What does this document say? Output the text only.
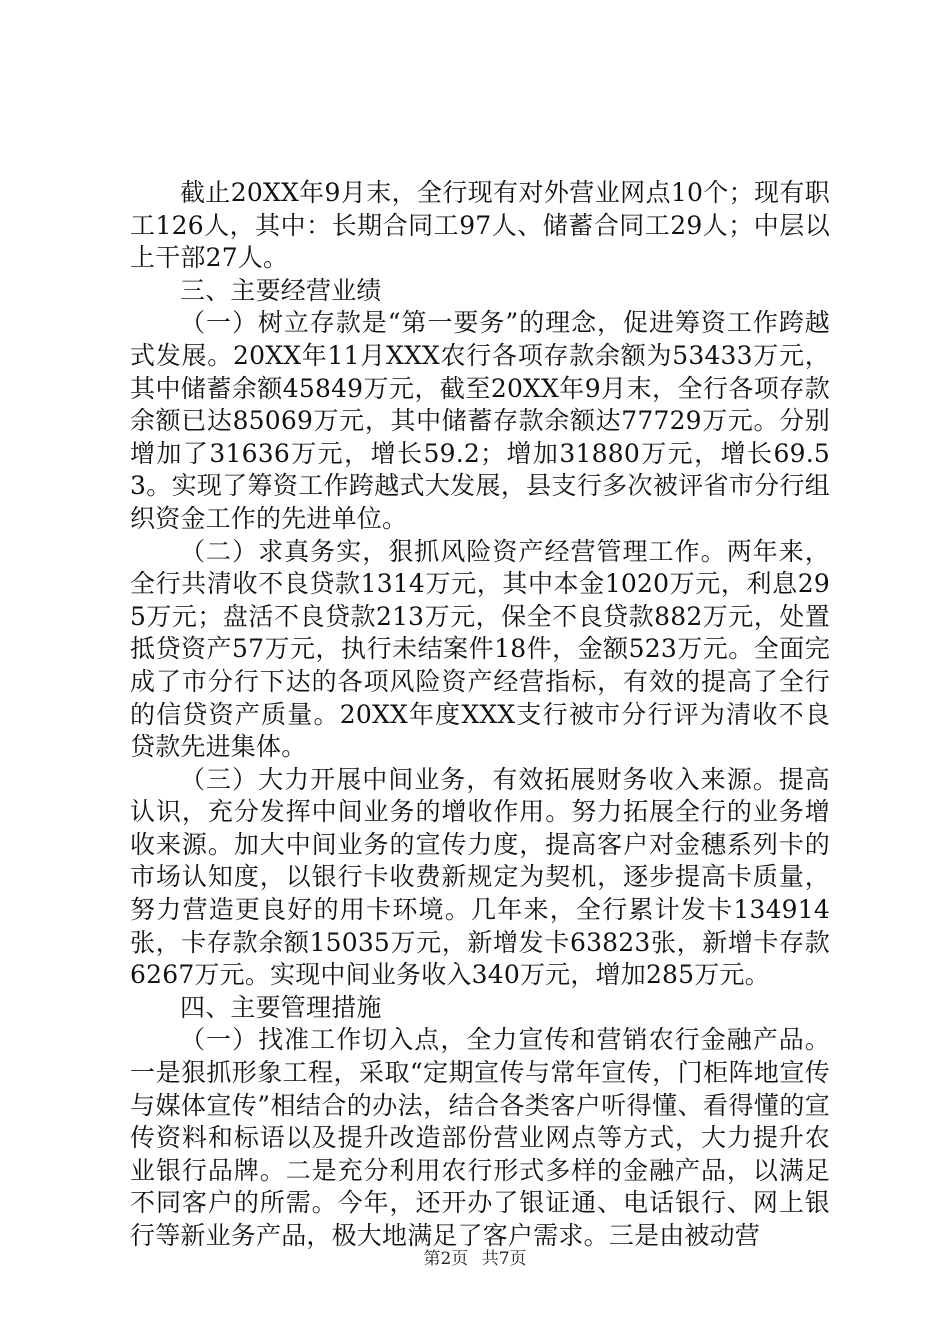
截止20XX年9月末，全行现有对外营业网点10个；现有职工126人，其中：长期合同工97人、储蓄合同工29人；中层以上干部27人。

三、主要经营业绩

（一）树立存款是“第一要务”的理念，促进筹资工作跨越式发展。20XX年11月XXX农行各项存款余额为53433万元，其中储蓄余额45849万元，截至20XX年9月末，全行各项存款余额已达85069万元，其中储蓄存款余额达77729万元。分别增加了31636万元，增长59.2；增加31880万元，增长69.53。实现了筹资工作跨越式大发展，县支行多次被评省市分行组织资金工作的先进单位。

（二）求真务实，狠抓风险资产经营管理工作。两年来，全行共清收不良贷款1314万元，其中本金1020万元，利息295万元；盘活不良贷款213万元，保全不良贷款882万元，处置抵贷资产57万元，执行未结案件18件，金额523万元。全面完成了市分行下达的各项风险资产经营指标，有效的提高了全行的信贷资产质量。20XX年度XXX支行被市分行评为清收不良贷款先进集体。

（三）大力开展中间业务，有效拓展财务收入来源。提高认识，充分发挥中间业务的增收作用。努力拓展全行的业务增收来源。加大中间业务的宣传力度，提高客户对金穗系列卡的市场认知度，以银行卡收费新规定为契机，逐步提高卡质量，努力营造更良好的用卡环境。几年来，全行累计发卡134914张，卡存款余额15035万元，新增发卡63823张，新增卡存款6267万元。实现中间业务收入340万元，增加285万元。

四、主要管理措施

（一）找准工作切入点，全力宣传和营销农行金融产品。一是狠抓形象工程，采取“定期宣传与常年宣传，门柜阵地宣传与媒体宣传”相结合的办法，结合各类客户听得懂、看得懂的宣传资料和标语以及提升改造部份营业网点等方式，大力提升农业银行品牌。二是充分利用农行形式多样的金融产品，以满足不同客户的所需。今年，还开办了银证通、电话银行、网上银行等新业务产品，极大地满足了客户需求。三是由被动营

第2页 共7页
